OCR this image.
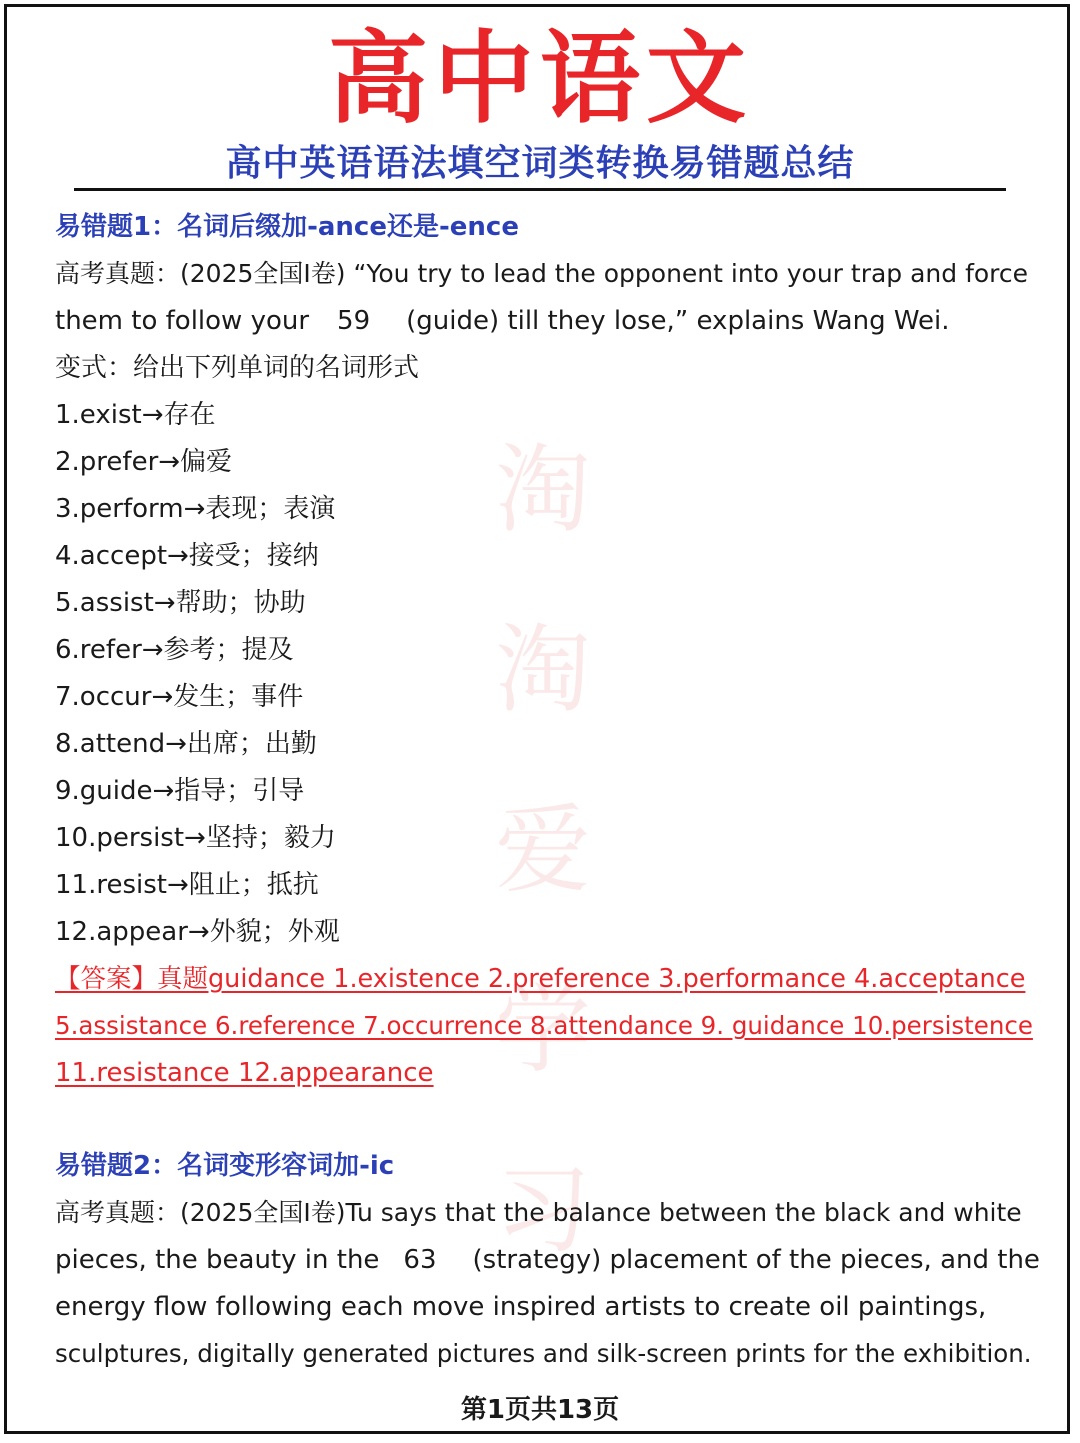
高中语文
高中英语语法填空词类转换易错题总结
淘
淘
爱
学
习
易错题1：名词后缀加-ance还是-ence
高考真题：(2025全国Ⅰ卷) “You try to lead the opponent into your trap and force
them to follow your 59 (guide) till they lose,” explains Wang Wei.
变式：给出下列单词的名词形式
1.exist→存在
2.prefer→偏爱
3.perform→表现；表演
4.accept→接受；接纳
5.assist→帮助；协助
6.refer→参考；提及
7.occur→发生；事件
8.attend→出席；出勤
9.guide→指导；引导
10.persist→坚持；毅力
11.resist→阻止；抵抗
12.appear→外貌；外观
【答案】真题guidance 1.existence 2.preference 3.performance 4.acceptance
5.assistance 6.reference 7.occurrence 8.attendance 9. guidance 10.persistence
11.resistance 12.appearance
易错题2：名词变形容词加-ic
高考真题：(2025全国Ⅰ卷)Tu says that the balance between the black and white
pieces, the beauty in the 63 (strategy) placement of the pieces, and the
energy flow following each move inspired artists to create oil paintings,
sculptures, digitally generated pictures and silk-screen prints for the exhibition.
第1页共13页
